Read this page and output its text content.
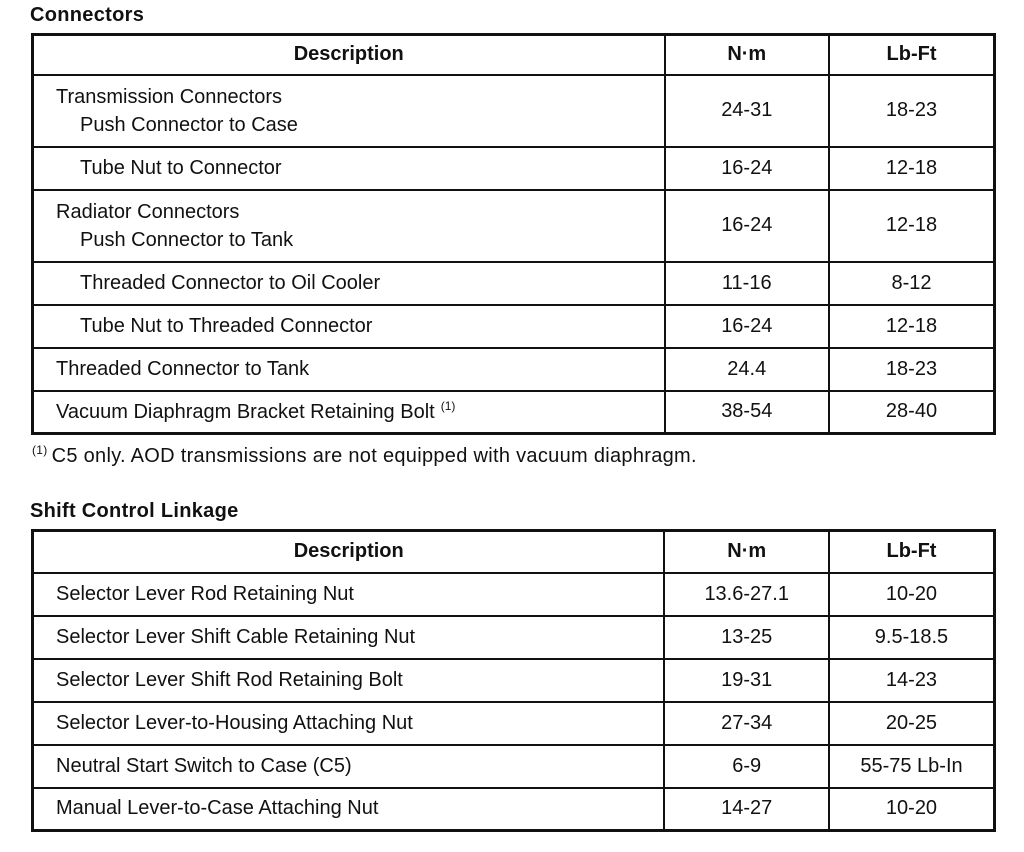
Connectors
Description	N·m	Lb-Ft

Transmission Connectors
Push Connector to Case	24-31	18-23
Tube Nut to Connector	16-24	12-18

Radiator Connectors
Push Connector to Tank	16-24	12-18
Threaded Connector to Oil Cooler	11-16	8-12
Tube Nut to Threaded Connector	16-24	12-18
Threaded Connector to Tank	24.4	18-23
Vacuum Diaphragm Bracket Retaining Bolt $^{(1)}$	38-54	28-40
$^{(1)}$ C5 only. AOD transmissions are not equipped with vacuum diaphragm.
Shift Control Linkage
Description	N·m	Lb-Ft
Selector Lever Rod Retaining Nut	13.6-27.1	10-20
Selector Lever Shift Cable Retaining Nut	13-25	9.5-18.5
Selector Lever Shift Rod Retaining Bolt	19-31	14-23
Selector Lever-to-Housing Attaching Nut	27-34	20-25
Neutral Start Switch to Case (C5)	6-9	55-75 Lb-In
Manual Lever-to-Case Attaching Nut	14-27	10-20
